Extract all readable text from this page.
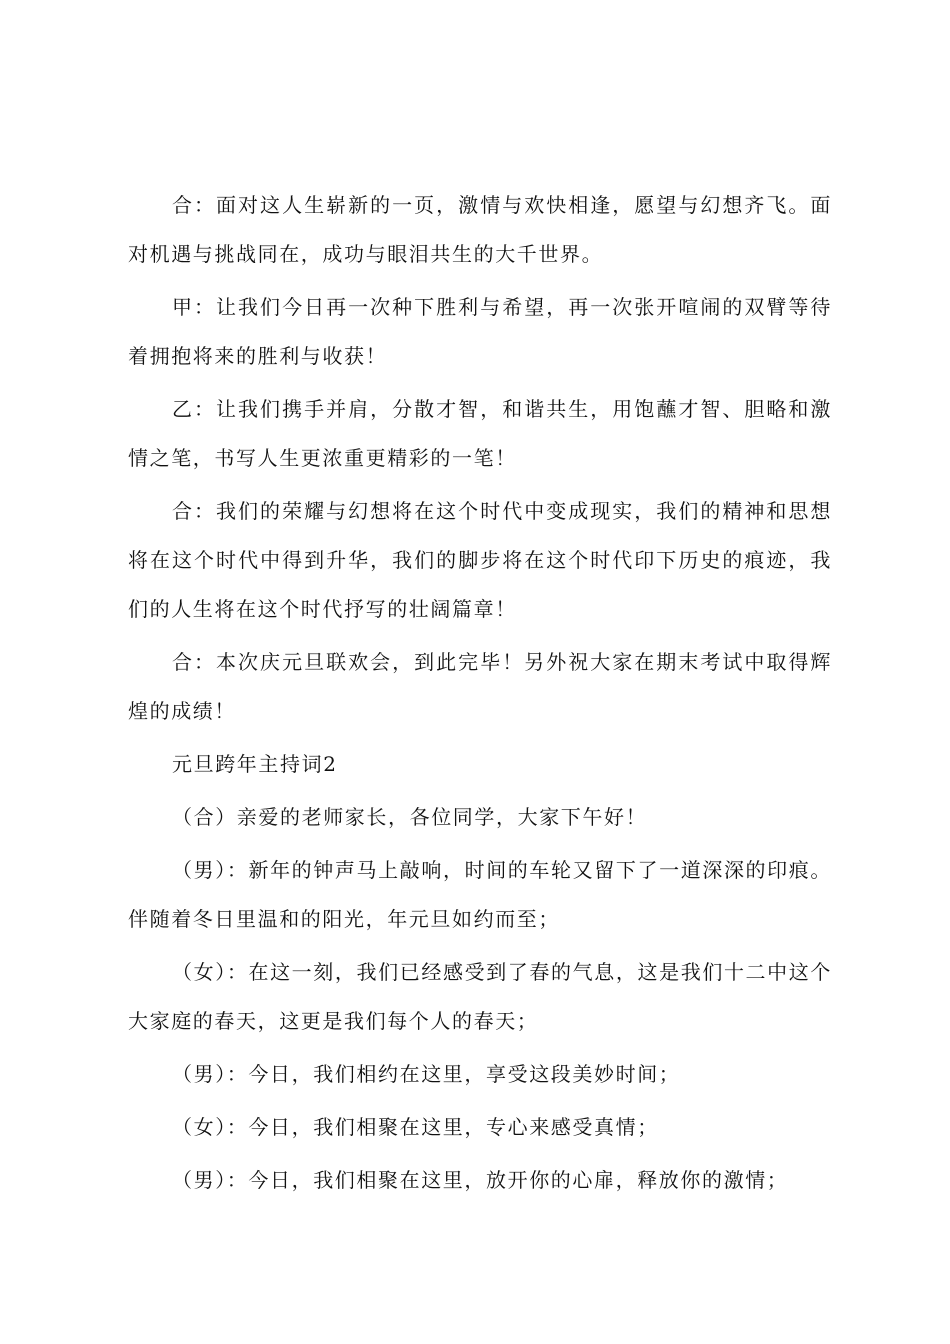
合：面对这人生崭新的一页，激情与欢快相逢，愿望与幻想齐飞。面对机遇与挑战同在，成功与眼泪共生的大千世界。

甲：让我们今日再一次种下胜利与希望，再一次张开喧闹的双臂等待着拥抱将来的胜利与收获！

乙：让我们携手并肩，分散才智，和谐共生，用饱蘸才智、胆略和激情之笔，书写人生更浓重更精彩的一笔！

合：我们的荣耀与幻想将在这个时代中变成现实，我们的精神和思想将在这个时代中得到升华，我们的脚步将在这个时代印下历史的痕迹，我们的人生将在这个时代抒写的壮阔篇章！

合：本次庆元旦联欢会，到此完毕！另外祝大家在期末考试中取得辉煌的成绩！

元旦跨年主持词2

（合）亲爱的老师家长，各位同学，大家下午好！

（男）：新年的钟声马上敲响，时间的车轮又留下了一道深深的印痕。伴随着冬日里温和的阳光，年元旦如约而至；

（女）：在这一刻，我们已经感受到了春的气息，这是我们十二中这个大家庭的春天，这更是我们每个人的春天；

（男）：今日，我们相约在这里，享受这段美妙时间；

（女）：今日，我们相聚在这里，专心来感受真情；

（男）：今日，我们相聚在这里，放开你的心扉，释放你的激情；
